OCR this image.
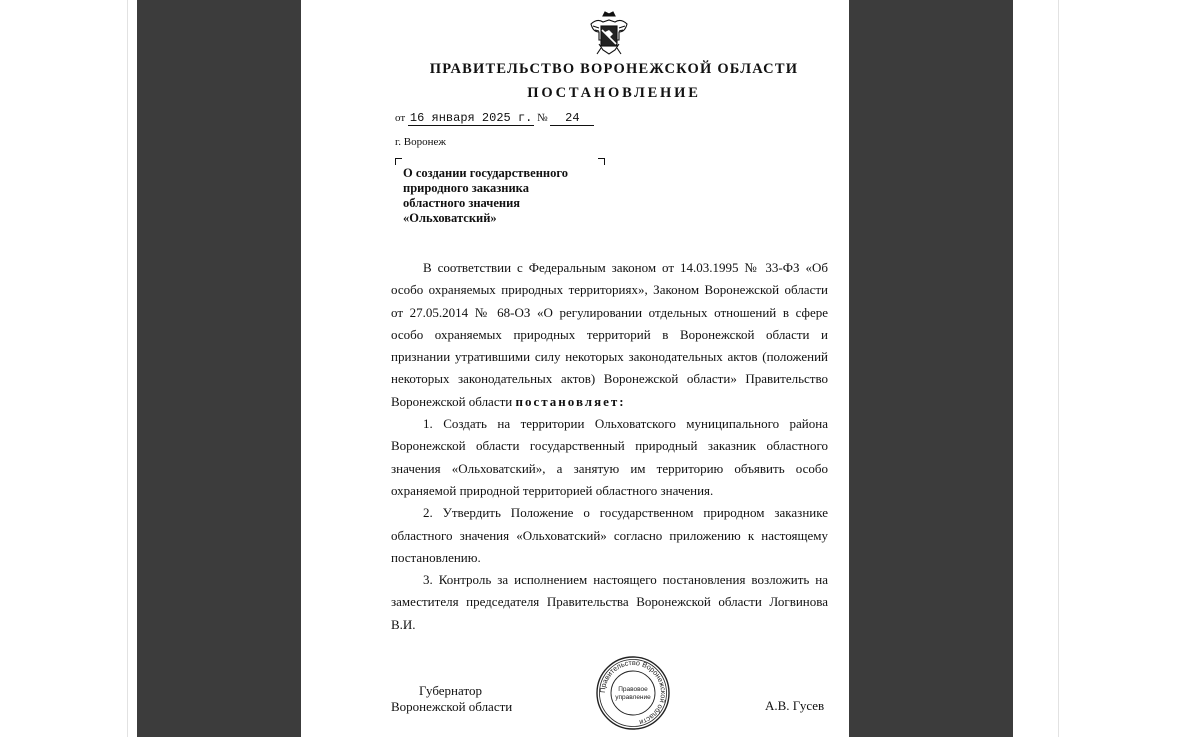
ПРАВИТЕЛЬСТВО ВОРОНЕЖСКОЙ ОБЛАСТИ
ПОСТАНОВЛЕНИЕ
от 16 января 2025 г. № 24
г. Воронеж
О создании государственного
природного заказника
областного значения
«Ольховатский»

В соответствии с Федеральным законом от 14.03.1995 № 33-ФЗ «Об особо охраняемых природных территориях», Законом Воронежской области от 27.05.2014 № 68-ОЗ «О регулировании отдельных отношений в сфере особо охраняемых природных территорий в Воронежской области и признании утратившими силу некоторых законодательных актов (положений некоторых законодательных актов) Воронежской области» Правительство Воронежской области постановляет:

1. Создать на территории Ольховатского муниципального района Воронежской области государственный природный заказник областного значения «Ольховатский», а занятую им территорию объявить особо охраняемой природной территорией областного значения.

2. Утвердить Положение о государственном природном заказнике областного значения «Ольховатский» согласно приложению к настоящему постановлению.

3. Контроль за исполнением настоящего постановления возложить на заместителя председателя Правительства Воронежской области Логвинова В.И.

Губернатор
Воронежской области
Правительство Воронежской области
Правовое
управление
А.В. Гусев
